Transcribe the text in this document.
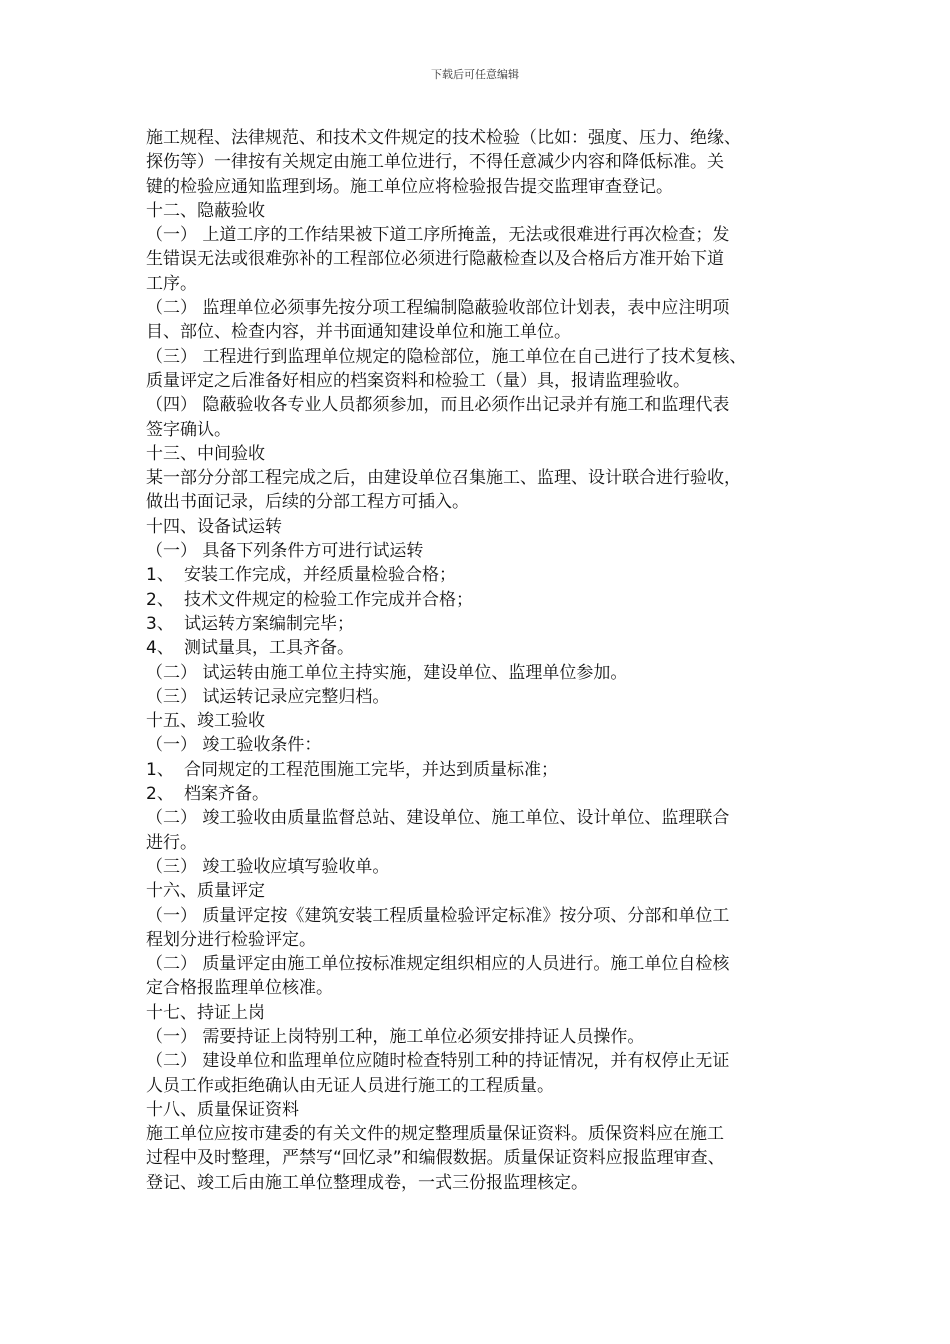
下载后可任意编辑

施工规程、法律规范、和技术文件规定的技术检验（比如：强度、压力、绝缘、

探伤等）一律按有关规定由施工单位进行，不得任意减少内容和降低标准。关

键的检验应通知监理到场。施工单位应将检验报告提交监理审查登记。

十二、隐蔽验收

（一） 上道工序的工作结果被下道工序所掩盖，无法或很难进行再次检查；发

生错误无法或很难弥补的工程部位必须进行隐蔽检查以及合格后方准开始下道

工序。

（二） 监理单位必须事先按分项工程编制隐蔽验收部位计划表，表中应注明项

目、部位、检查内容，并书面通知建设单位和施工单位。

（三） 工程进行到监理单位规定的隐检部位，施工单位在自己进行了技术复核、

质量评定之后准备好相应的档案资料和检验工（量）具，报请监理验收。

（四） 隐蔽验收各专业人员都须参加，而且必须作出记录并有施工和监理代表

签字确认。

十三、中间验收

某一部分分部工程完成之后，由建设单位召集施工、监理、设计联合进行验收，

做出书面记录，后续的分部工程方可插入。

十四、设备试运转

（一） 具备下列条件方可进行试运转

1、 安装工作完成，并经质量检验合格；

2、 技术文件规定的检验工作完成并合格；

3、 试运转方案编制完毕；

4、 测试量具，工具齐备。

（二） 试运转由施工单位主持实施，建设单位、监理单位参加。

（三） 试运转记录应完整归档。

十五、竣工验收

（一） 竣工验收条件：

1、 合同规定的工程范围施工完毕，并达到质量标准；

2、 档案齐备。

（二） 竣工验收由质量监督总站、建设单位、施工单位、设计单位、监理联合

进行。

（三） 竣工验收应填写验收单。

十六、质量评定

（一） 质量评定按《建筑安装工程质量检验评定标准》按分项、分部和单位工

程划分进行检验评定。

（二） 质量评定由施工单位按标准规定组织相应的人员进行。施工单位自检核

定合格报监理单位核准。

十七、持证上岗

（一） 需要持证上岗特别工种，施工单位必须安排持证人员操作。

（二） 建设单位和监理单位应随时检查特别工种的持证情况，并有权停止无证

人员工作或拒绝确认由无证人员进行施工的工程质量。

十八、质量保证资料

施工单位应按市建委的有关文件的规定整理质量保证资料。质保资料应在施工

过程中及时整理，严禁写“回忆录”和编假数据。质量保证资料应报监理审查、

登记、竣工后由施工单位整理成卷，一式三份报监理核定。
